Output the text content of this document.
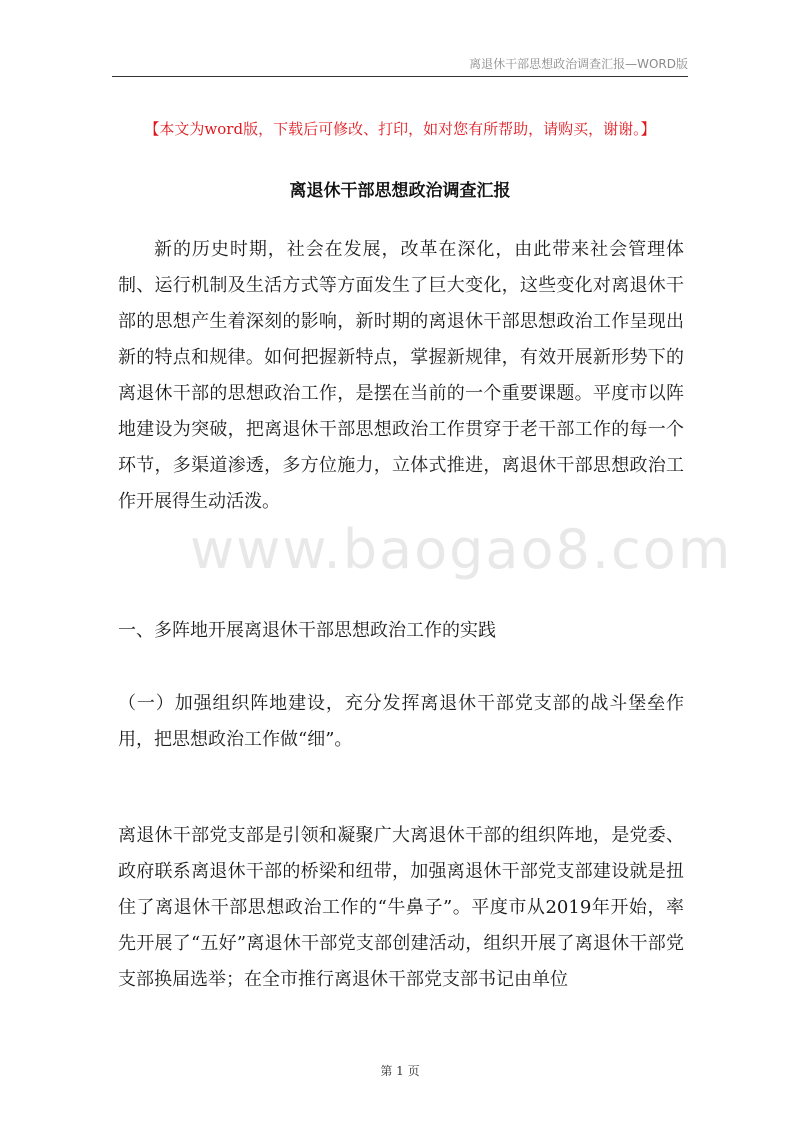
离退休干部思想政治调查汇报—WORD版
【本文为word版，下载后可修改、打印，如对您有所帮助，请购买，谢谢。】
离退休干部思想政治调查汇报

新的历史时期，社会在发展，改革在深化，由此带来社会管理体制、运行机制及生活方式等方面发生了巨大变化，这些变化对离退休干部的思想产生着深刻的影响，新时期的离退休干部思想政治工作呈现出新的特点和规律。如何把握新特点，掌握新规律，有效开展新形势下的离退休干部的思想政治工作，是摆在当前的一个重要课题。平度市以阵地建设为突破，把离退休干部思想政治工作贯穿于老干部工作的每一个环节，多渠道渗透，多方位施力，立体式推进，离退休干部思想政治工作开展得生动活泼。

www.baogao8.com

一、多阵地开展离退休干部思想政治工作的实践

（一）加强组织阵地建设，充分发挥离退休干部党支部的战斗堡垒作用，把思想政治工作做“细”。

离退休干部党支部是引领和凝聚广大离退休干部的组织阵地，是党委、政府联系离退休干部的桥梁和纽带，加强离退休干部党支部建设就是扭住了离退休干部思想政治工作的“牛鼻子”。平度市从2019年开始，率先开展了“五好”离退休干部党支部创建活动，组织开展了离退休干部党支部换届选举；在全市推行离退休干部党支部书记由单位

第 1 页
